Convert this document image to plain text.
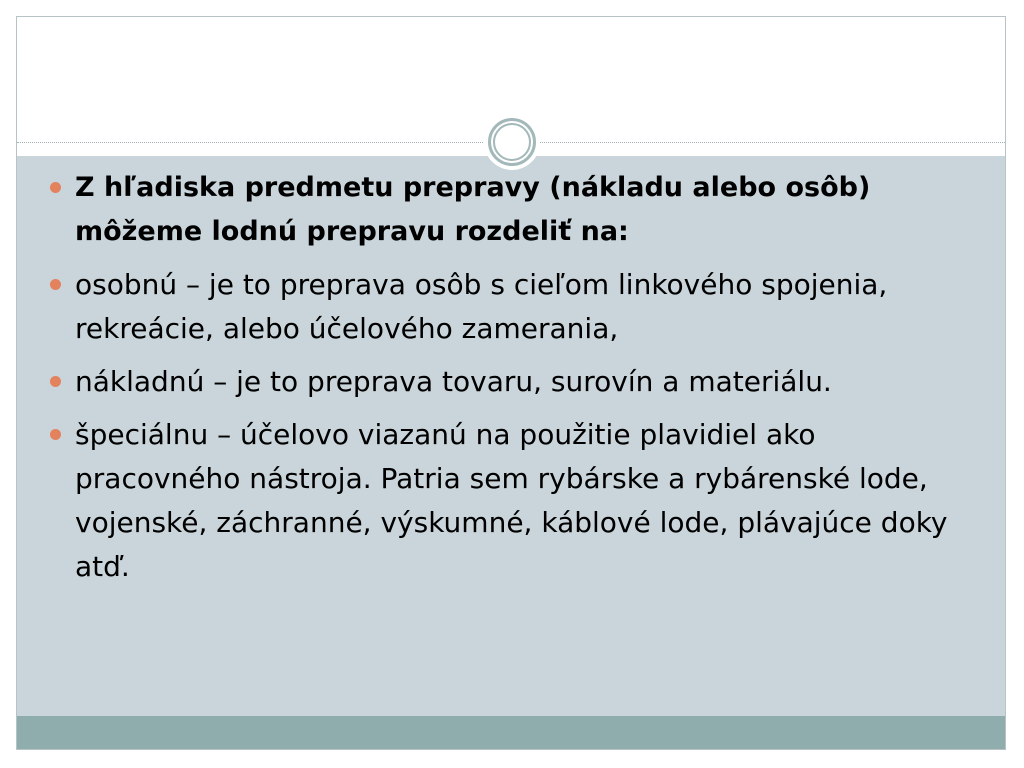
Z hľadiska predmetu prepravy (nákladu alebo osôb) môžeme lodnú prepravu rozdeliť na:
osobnú – je to preprava osôb s cieľom linkového spojenia, rekreácie, alebo účelového zamerania,
nákladnú – je to preprava tovaru, surovín a materiálu.
špeciálnu – účelovo viazanú na použitie plavidiel ako pracovného nástroja. Patria sem rybárske a rybárenské lode, vojenské, záchranné, výskumné, káblové lode, plávajúce doky atď.
